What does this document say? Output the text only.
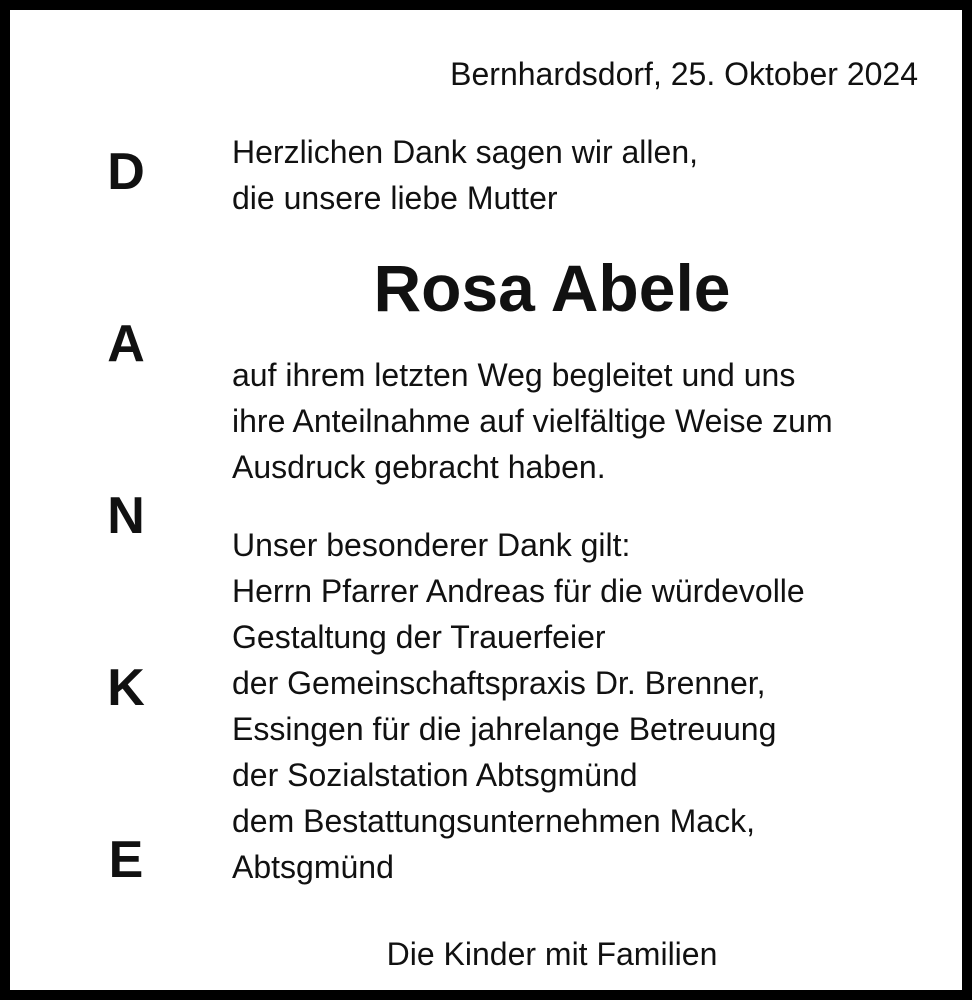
Bernhardsdorf, 25. Oktober 2024
D
A
N
K
E
Herzlichen Dank sagen wir allen,
die unsere liebe Mutter
Rosa Abele
auf ihrem letzten Weg begleitet und uns
ihre Anteilnahme auf vielfältige Weise zum
Ausdruck gebracht haben.
Unser besonderer Dank gilt:
Herrn Pfarrer Andreas für die würdevolle
Gestaltung der Trauerfeier
der Gemeinschaftspraxis Dr. Brenner,
Essingen für die jahrelange Betreuung
der Sozialstation Abtsgmünd
dem Bestattungsunternehmen Mack,
Abtsgmünd
Die Kinder mit Familien
